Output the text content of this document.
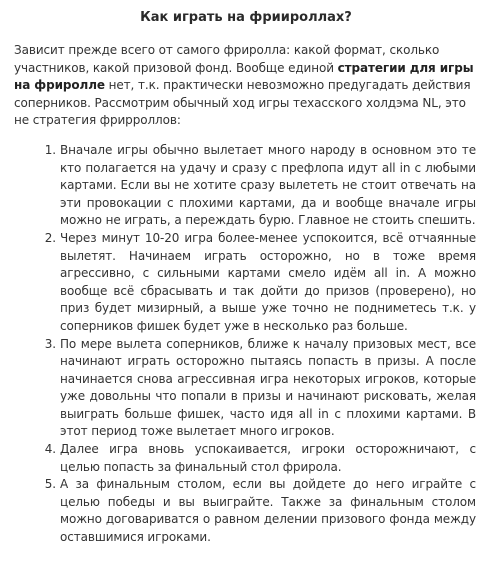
Как играть на фриироллах?

Зависит прежде всего от самого фриролла: какой формат, сколько участников, какой призовой фонд. Вообще единой стратегии для игры на фриролле нет, т.к. практически невозможно предугадать действия соперников. Рассмотрим обычный ход игры техасского холдэма NL, это не стратегия фрирроллов:

Вначале игры обычно вылетает много народу в основном это те кто полагается на удачу и сразу с префлопа идут all in с любыми картами. Если вы не хотите сразу вылететь не стоит отвечать на эти провокации с плохими картами, да и вообще вначале игры можно не играть, а переждать бурю. Главное не стоить спешить.
Через минут 10-20 игра более-менее успокоится, всё отчаянные вылетят. Начинаем играть осторожно, но в тоже время агрессивно, с сильными картами смело идём all in. А можно вообще всё сбрасывать и так дойти до призов (проверено), но приз будет мизирный, а выше уже точно не подниметесь т.к. у соперников фишек будет уже в несколько раз больше.
По мере вылета соперников, ближе к началу призовых мест, все начинают играть осторожно пытаясь попасть в призы. А после начинается снова агрессивная игра некоторых игроков, которые уже довольны что попали в призы и начинают рисковать, желая выиграть больше фишек, часто идя all in с плохими картами. В этот период тоже вылетает много игроков.
Далее игра вновь успокаивается, игроки осторожничают, с целью попасть за финальный стол фрирола.
А за финальным столом, если вы дойдете до него играйте с целью победы и вы выиграйте. Также за финальным столом можно договариватся о равном делении призового фонда между оставшимися игроками.
